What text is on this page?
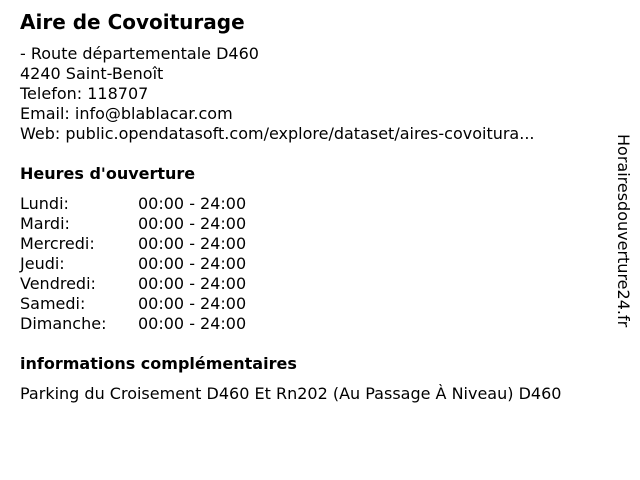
Aire de Covoiturage
- Route départementale D460
4240 Saint-Benoît
Telefon: 118707
Email: info@blablacar.com
Web: public.opendatasoft.com/explore/dataset/aires-covoitura...
Heures d'ouverture
Lundi:	00:00 - 24:00
Mardi:	00:00 - 24:00
Mercredi:	00:00 - 24:00
Jeudi:	00:00 - 24:00
Vendredi:	00:00 - 24:00
Samedi:	00:00 - 24:00
Dimanche:	00:00 - 24:00
informations complémentaires
Parking du Croisement D460 Et Rn202 (Au Passage À Niveau) D460
Horairesdouverture24.fr
